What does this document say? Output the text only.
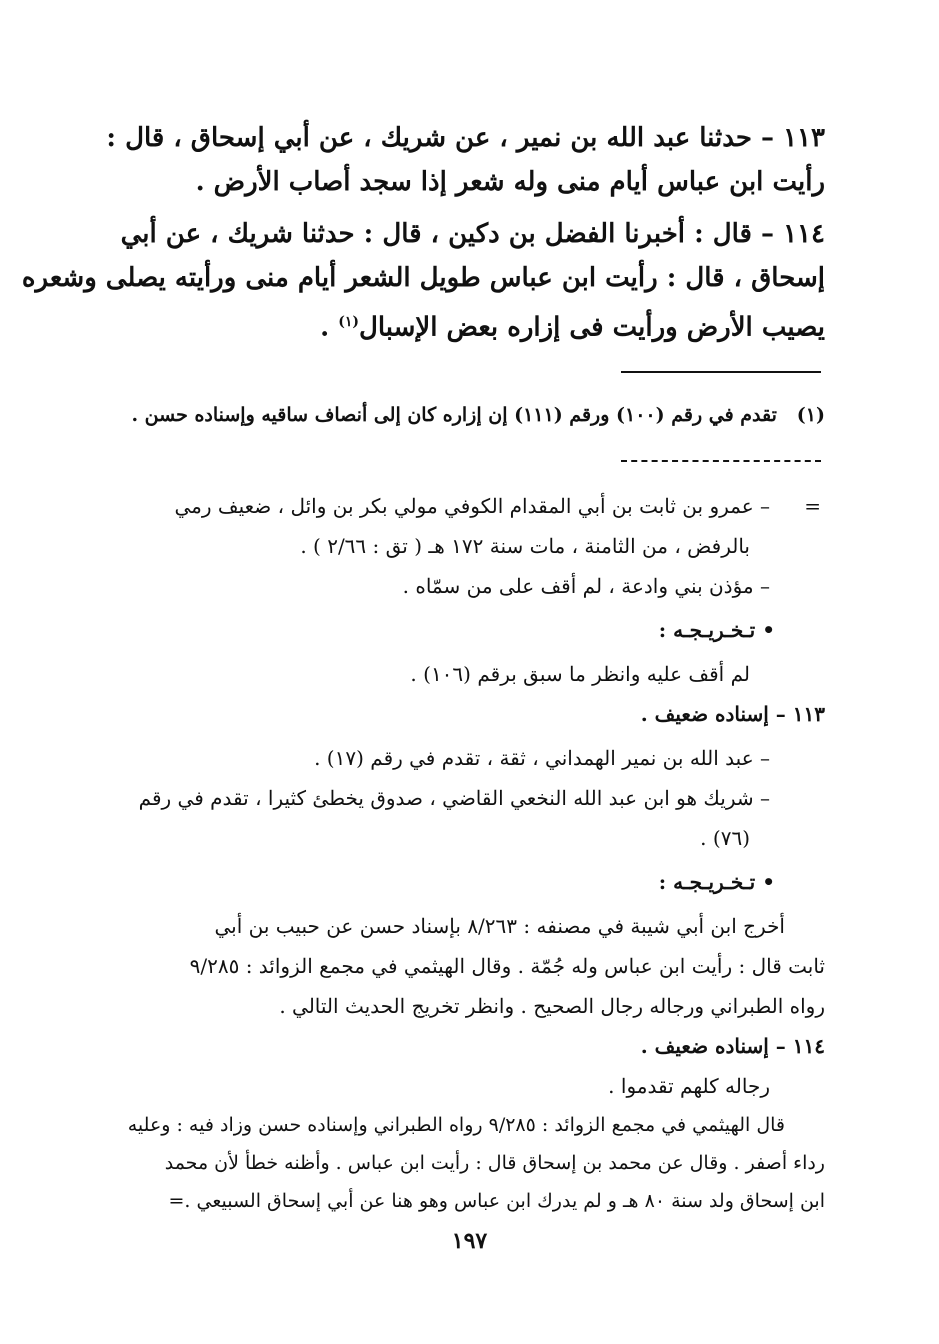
١١٣ – حدثنا عبد الله بن نمير ، عن شريك ، عن أبي إسحاق ، قال :
رأيت ابن عباس أيام منى وله شعر إذا سجد أصاب الأرض .

١١٤ – قال : أخبرنا الفضل بن دكين ، قال : حدثنا شريك ، عن أبي
إسحاق ، قال : رأيت ابن عباس طويل الشعر أيام منى ورأيته يصلى وشعره
يصيب الأرض ورأيت فى إزاره بعض الإسبال$^{(١)}$ .

(١)   تقدم في رقم (١٠٠) ورقم (١١١) إن إزاره كان إلى أنصاف ساقيه وإسناده حسن .
=
– عمرو بن ثابت بن أبي المقدام الكوفي مولي بكر بن وائل ، ضعيف رمي
بالرفض ، من الثامنة ، مات سنة ١٧٢ هـ ( تق : ٢/٦٦ ) .
– مؤذن بني وادعة ، لم أقف على من سمّاه .
• تـخـريـجـه :
لم أقف عليه وانظر ما سبق برقم (١٠٦) .
١١٣ – إسناده ضعيف .
– عبد الله بن نمير الهمداني ، ثقة ، تقدم في رقم (١٧) .
– شريك هو ابن عبد الله النخعي القاضي ، صدوق يخطئ كثيرا ، تقدم في رقم
(٧٦) .
• تـخـريـجـه :
أخرج ابن أبي شيبة في مصنفه : ٨/٢٦٣ بإسناد حسن عن حبيب بن أبي
ثابت قال : رأيت ابن عباس وله جُمّة . وقال الهيثمي في مجمع الزوائد : ٩/٢٨٥
رواه الطبراني ورجاله رجال الصحيح . وانظر تخريج الحديث التالي .
١١٤ – إسناده ضعيف .
رجاله كلهم تقدموا .
قال الهيثمي في مجمع الزوائد : ٩/٢٨٥ رواه الطبراني وإسناده حسن وزاد فيه : وعليه
رداء أصفر . وقال عن محمد بن إسحاق قال : رأيت ابن عباس . وأظنه خطأ لأن محمد
ابن إسحاق ولد سنة ٨٠ هـ و لم يدرك ابن عباس وهو هنا عن أبي إسحاق السبيعي .=
١٩٧
